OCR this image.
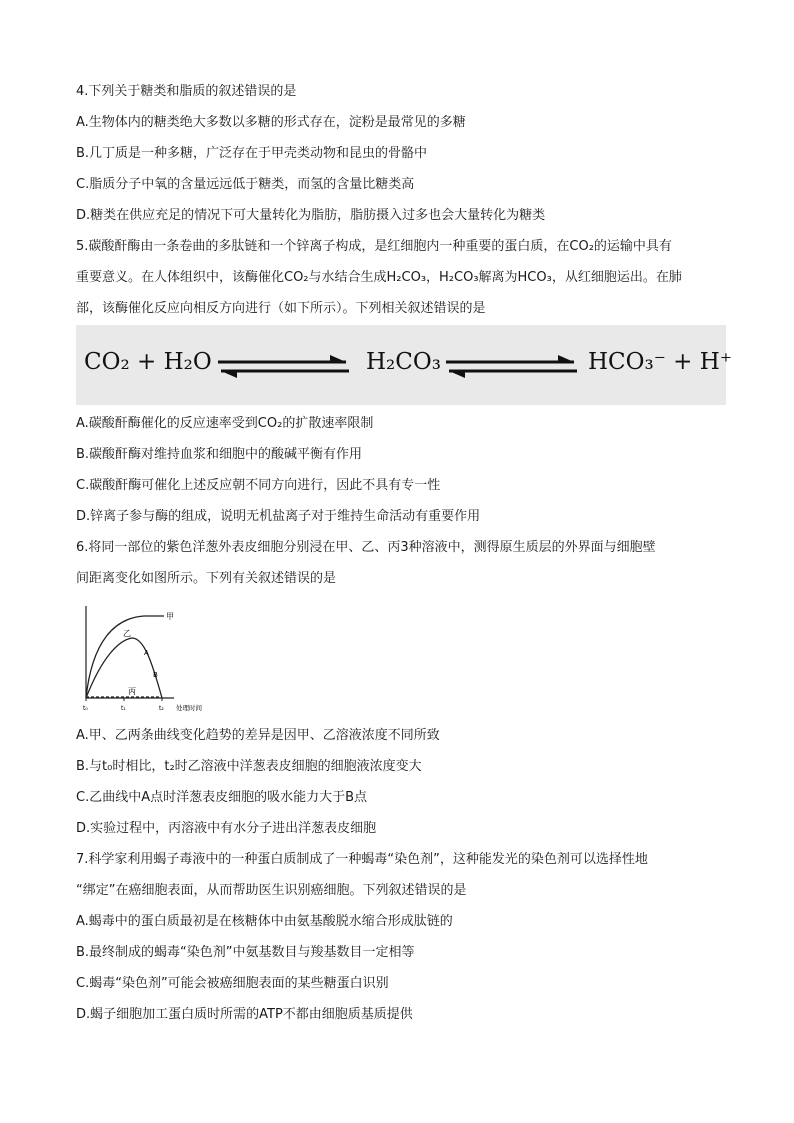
4.下列关于糖类和脂质的叙述错误的是
A.生物体内的糖类绝大多数以多糖的形式存在，淀粉是最常见的多糖
B.几丁质是一种多糖，广泛存在于甲壳类动物和昆虫的骨骼中
C.脂质分子中氧的含量远远低于糖类，而氢的含量比糖类高
D.糖类在供应充足的情况下可大量转化为脂肪，脂肪摄入过多也会大量转化为糖类
5.碳酸酐酶由一条卷曲的多肽链和一个锌离子构成，是红细胞内一种重要的蛋白质，在CO₂的运输中具有
重要意义。在人体组织中，该酶催化CO₂与水结合生成H₂CO₃，H₂CO₃解离为HCO₃，从红细胞运出。在肺
部，该酶催化反应向相反方向进行（如下所示）。下列相关叙述错误的是
CO₂ + H₂O	H₂CO₃	HCO₃⁻ + H⁺
A.碳酸酐酶催化的反应速率受到CO₂的扩散速率限制
B.碳酸酐酶对维持血浆和细胞中的酸碱平衡有作用
C.碳酸酐酶可催化上述反应朝不同方向进行，因此不具有专一性
D.锌离子参与酶的组成，说明无机盐离子对于维持生命活动有重要作用
6.将同一部位的紫色洋葱外表皮细胞分别浸在甲、乙、丙3种溶液中，测得原生质层的外界面与细胞壁
间距离变化如图所示。下列有关叙述错误的是
甲
乙
A
B
丙
t₀	t₁	t₂ 处理时间
A.甲、乙两条曲线变化趋势的差异是因甲、乙溶液浓度不同所致
B.与t₀时相比，t₂时乙溶液中洋葱表皮细胞的细胞液浓度变大
C.乙曲线中A点时洋葱表皮细胞的吸水能力大于B点
D.实验过程中，丙溶液中有水分子进出洋葱表皮细胞
7.科学家利用蝎子毒液中的一种蛋白质制成了一种蝎毒“染色剂”，这种能发光的染色剂可以选择性地
“绑定”在癌细胞表面，从而帮助医生识别癌细胞。下列叙述错误的是
A.蝎毒中的蛋白质最初是在核糖体中由氨基酸脱水缩合形成肽链的
B.最终制成的蝎毒“染色剂”中氨基数目与羧基数目一定相等
C.蝎毒“染色剂”可能会被癌细胞表面的某些糖蛋白识别
D.蝎子细胞加工蛋白质时所需的ATP不都由细胞质基质提供
